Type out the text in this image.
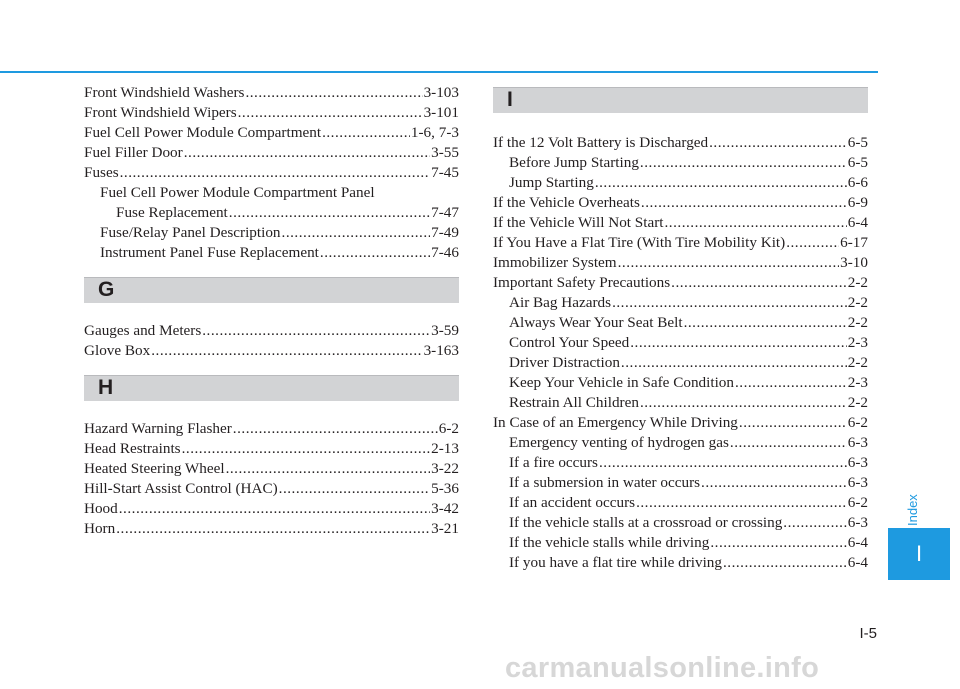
Front Windshield Washers .....	3-103
Front Windshield Wipers .....	3-101
Fuel Cell Power Module Compartment .....	1-6, 7-3
Fuel Filler Door .....	3-55
Fuses .....	7-45
Fuel Cell Power Module Compartment Panel
Fuse Replacement .....	7-47
Fuse/Relay Panel Description .....	7-49
Instrument Panel Fuse Replacement .....	7-46
G
Gauges and Meters .....	3-59
Glove Box .....	3-163
H
Hazard Warning Flasher .....	6-2
Head Restraints .....	2-13
Heated Steering Wheel .....	3-22
Hill-Start Assist Control (HAC) .....	5-36
Hood .....	3-42
Horn .....	3-21
I
If the 12 Volt Battery is Discharged .....	6-5
Before Jump Starting .....	6-5
Jump Starting .....	6-6
If the Vehicle Overheats .....	6-9
If the Vehicle Will Not Start .....	6-4
If You Have a Flat Tire (With Tire Mobility Kit) .....	6-17
Immobilizer System .....	3-10
Important Safety Precautions .....	2-2
Air Bag Hazards .....	2-2
Always Wear Your Seat Belt .....	2-2
Control Your Speed .....	2-3
Driver Distraction .....	2-2
Keep Your Vehicle in Safe Condition .....	2-3
Restrain All Children .....	2-2
In Case of an Emergency While Driving .....	6-2
Emergency venting of hydrogen gas .....	6-3
If a fire occurs .....	6-3
If a submersion in water occurs .....	6-3
If an accident occurs .....	6-2
If the vehicle stalls at a crossroad or crossing .....	6-3
If the vehicle stalls while driving .....	6-4
If you have a flat tire while driving .....	6-4
Index
I
I-5
carmanualsonline.info
